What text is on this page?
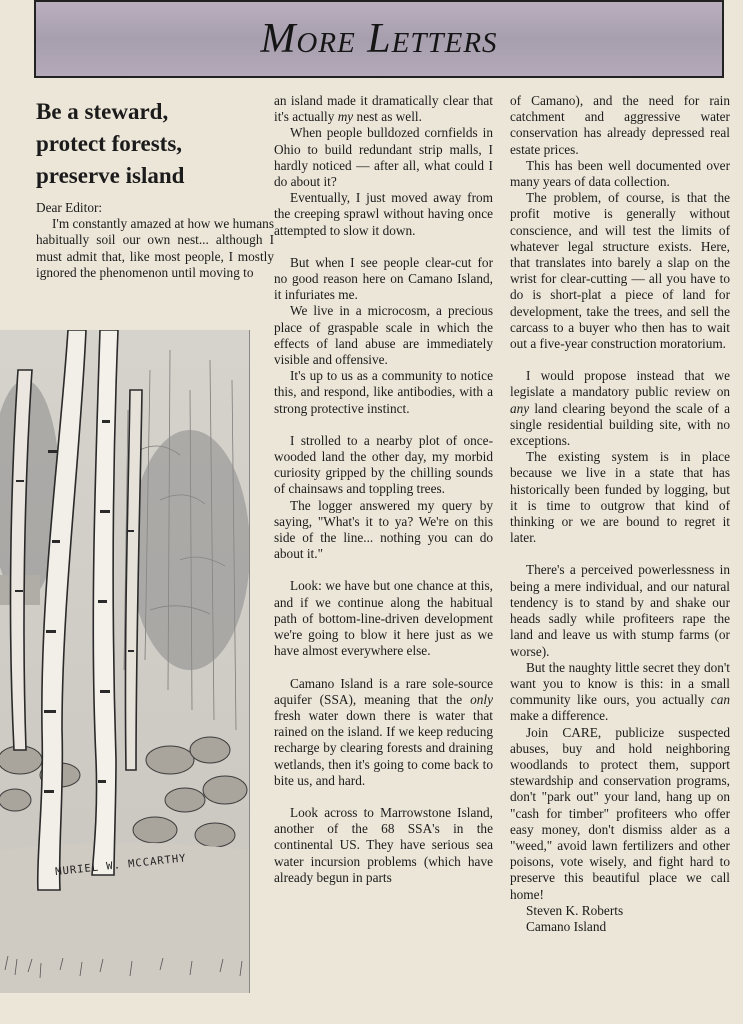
More Letters
Be a steward,
protect forests,
preserve island

Dear Editor:

I'm constantly amazed at how we humans habitually soil our own nest... although I must admit that, like most people, I mostly ignored the phenomenon until moving to

MURIEL W. MCCARTHY

an island made it dramatically clear that it's actually my nest as well.

When people bulldozed cornfields in Ohio to build redundant strip malls, I hardly noticed — after all, what could I do about it?

Eventually, I just moved away from the creeping sprawl without having once attempted to slow it down.

But when I see people clear-cut for no good reason here on Camano Island, it infuriates me.

We live in a microcosm, a precious place of graspable scale in which the effects of land abuse are immediately visible and offensive.

It's up to us as a community to notice this, and respond, like antibodies, with a strong protective instinct.

I strolled to a nearby plot of once-wooded land the other day, my morbid curiosity gripped by the chilling sounds of chainsaws and toppling trees.

The logger answered my query by saying, "What's it to ya? We're on this side of the line... nothing you can do about it."

Look: we have but one chance at this, and if we continue along the habitual path of bottom-line-driven development we're going to blow it here just as we have almost everywhere else.

Camano Island is a rare sole-source aquifer (SSA), meaning that the only fresh water down there is water that rained on the island. If we keep reducing recharge by clearing forests and draining wetlands, then it's going to come back to bite us, and hard.

Look across to Marrowstone Island, another of the 68 SSA's in the continental US. They have serious sea water incursion problems (which have already begun in parts

of Camano), and the need for rain catchment and aggressive water conservation has already depressed real estate prices.

This has been well documented over many years of data collection.

The problem, of course, is that the profit motive is generally without conscience, and will test the limits of whatever legal structure exists. Here, that translates into barely a slap on the wrist for clear-cutting — all you have to do is short-plat a piece of land for development, take the trees, and sell the carcass to a buyer who then has to wait out a five-year construction moratorium.

I would propose instead that we legislate a mandatory public review on any land clearing beyond the scale of a single residential building site, with no exceptions.

The existing system is in place because we live in a state that has historically been funded by logging, but it is time to outgrow that kind of thinking or we are bound to regret it later.

There's a perceived powerlessness in being a mere individual, and our natural tendency is to stand by and shake our heads sadly while profiteers rape the land and leave us with stump farms (or worse).

But the naughty little secret they don't want you to know is this: in a small community like ours, you actually can make a difference.

Join CARE, publicize suspected abuses, buy and hold neighboring woodlands to protect them, support stewardship and conservation programs, don't "park out" your land, hang up on "cash for timber" profiteers who offer easy money, don't dismiss alder as a "weed," avoid lawn fertilizers and other poisons, vote wisely, and fight hard to preserve this beautiful place we call home!

Steven K. Roberts

Camano Island
